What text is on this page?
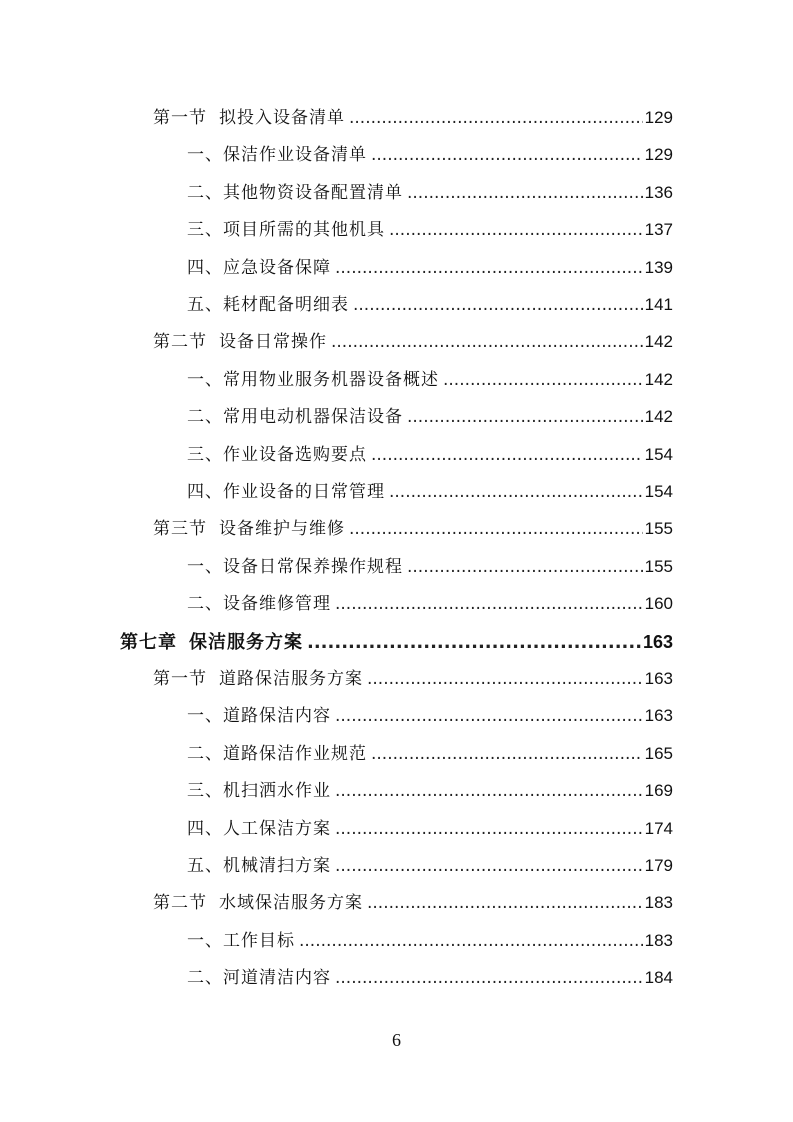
第一节 拟投入设备清单 .....	129
一、保洁作业设备清单 .....	129
二、其他物资设备配置清单 .....	136
三、项目所需的其他机具 .....	137
四、应急设备保障 .....	139
五、耗材配备明细表 .....	141
第二节 设备日常操作 .....	142
一、常用物业服务机器设备概述 .....	142
二、常用电动机器保洁设备 .....	142
三、作业设备选购要点 .....	154
四、作业设备的日常管理 .....	154
第三节 设备维护与维修 .....	155
一、设备日常保养操作规程 .....	155
二、设备维修管理 .....	160
第七章 保洁服务方案 .....	163
第一节 道路保洁服务方案 .....	163
一、道路保洁内容 .....	163
二、道路保洁作业规范 .....	165
三、机扫洒水作业 .....	169
四、人工保洁方案 .....	174
五、机械清扫方案 .....	179
第二节 水域保洁服务方案 .....	183
一、工作目标 .....	183
二、河道清洁内容 .....	184
6
